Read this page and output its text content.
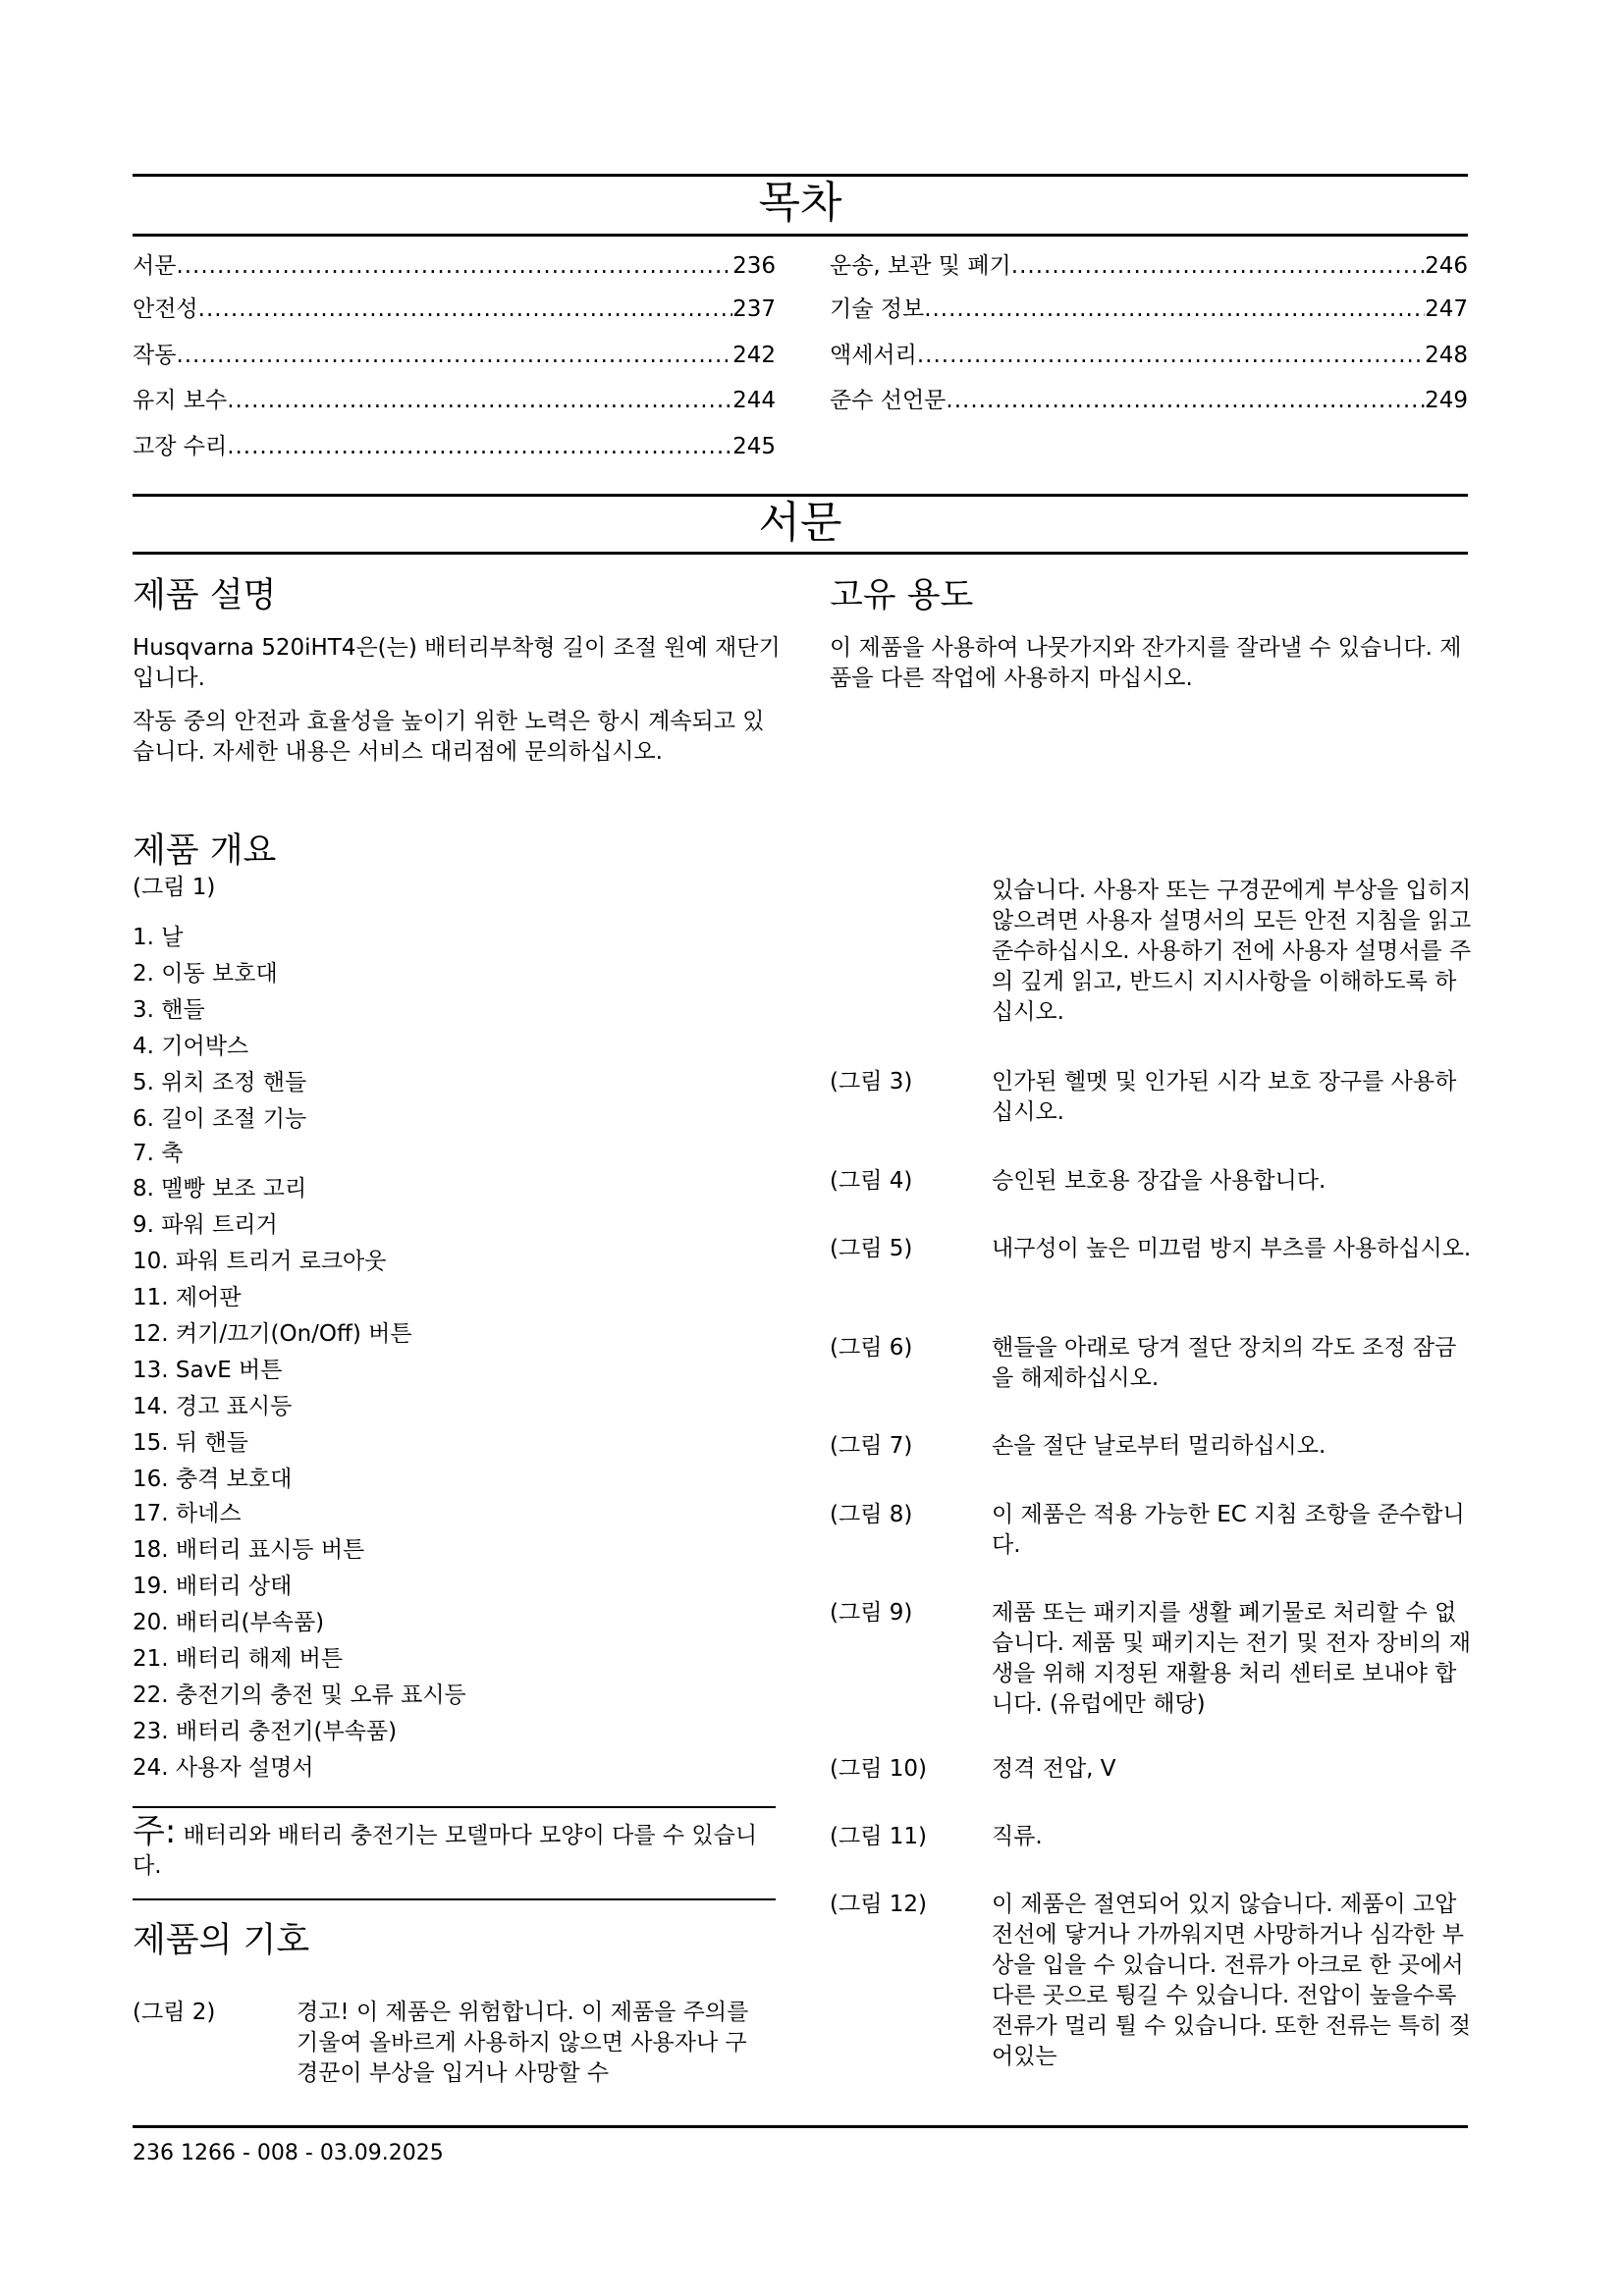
목차
서문 .....	236
안전성 .....	237
작동 .....	242
유지 보수 .....	244
고장 수리 .....	245
운송, 보관 및 폐기 .....	246
기술 정보 .....	247
액세서리 .....	248
준수 선언문 .....	249
서문
제품 설명
Husqvarna 520iHT4은(는) 배터리부착형 길이 조절 원예 재단기입니다.
작동 중의 안전과 효율성을 높이기 위한 노력은 항시 계속되고 있습니다. 자세한 내용은 서비스 대리점에 문의하십시오.
제품 개요
(그림 1)
1. 날
2. 이동 보호대
3. 핸들
4. 기어박스
5. 위치 조정 핸들
6. 길이 조절 기능
7. 축
8. 멜빵 보조 고리
9. 파워 트리거
10. 파워 트리거 로크아웃
11. 제어판
12. 켜기/끄기(On/Off) 버튼
13. SavE 버튼
14. 경고 표시등
15. 뒤 핸들
16. 충격 보호대
17. 하네스
18. 배터리 표시등 버튼
19. 배터리 상태
20. 배터리(부속품)
21. 배터리 해제 버튼
22. 충전기의 충전 및 오류 표시등
23. 배터리 충전기(부속품)
24. 사용자 설명서
주: 배터리와 배터리 충전기는 모델마다 모양이 다를 수 있습니다.
제품의 기호
(그림 2)	경고! 이 제품은 위험합니다. 이 제품을 주의를 기울여 올바르게 사용하지 않으면 사용자나 구경꾼이 부상을 입거나 사망할 수
고유 용도
이 제품을 사용하여 나뭇가지와 잔가지를 잘라낼 수 있습니다. 제품을 다른 작업에 사용하지 마십시오.
있습니다. 사용자 또는 구경꾼에게 부상을 입히지 않으려면 사용자 설명서의 모든 안전 지침을 읽고 준수하십시오. 사용하기 전에 사용자 설명서를 주의 깊게 읽고, 반드시 지시사항을 이해하도록 하십시오.
(그림 3)	인가된 헬멧 및 인가된 시각 보호 장구를 사용하십시오.
(그림 4)	승인된 보호용 장갑을 사용합니다.
(그림 5)	내구성이 높은 미끄럼 방지 부츠를 사용하십시오.
(그림 6)	핸들을 아래로 당겨 절단 장치의 각도 조정 잠금을 해제하십시오.
(그림 7)	손을 절단 날로부터 멀리하십시오.
(그림 8)	이 제품은 적용 가능한 EC 지침 조항을 준수합니다.
(그림 9)	제품 또는 패키지를 생활 폐기물로 처리할 수 없습니다. 제품 및 패키지는 전기 및 전자 장비의 재생을 위해 지정된 재활용 처리 센터로 보내야 합니다. (유럽에만 해당)
(그림 10)	정격 전압, V
(그림 11)	직류.
(그림 12)	이 제품은 절연되어 있지 않습니다. 제품이 고압 전선에 닿거나 가까워지면 사망하거나 심각한 부상을 입을 수 있습니다. 전류가 아크로 한 곳에서 다른 곳으로 튕길 수 있습니다. 전압이 높을수록 전류가 멀리 튈 수 있습니다. 또한 전류는 특히 젖어있는
236 1266 - 008 - 03.09.2025
